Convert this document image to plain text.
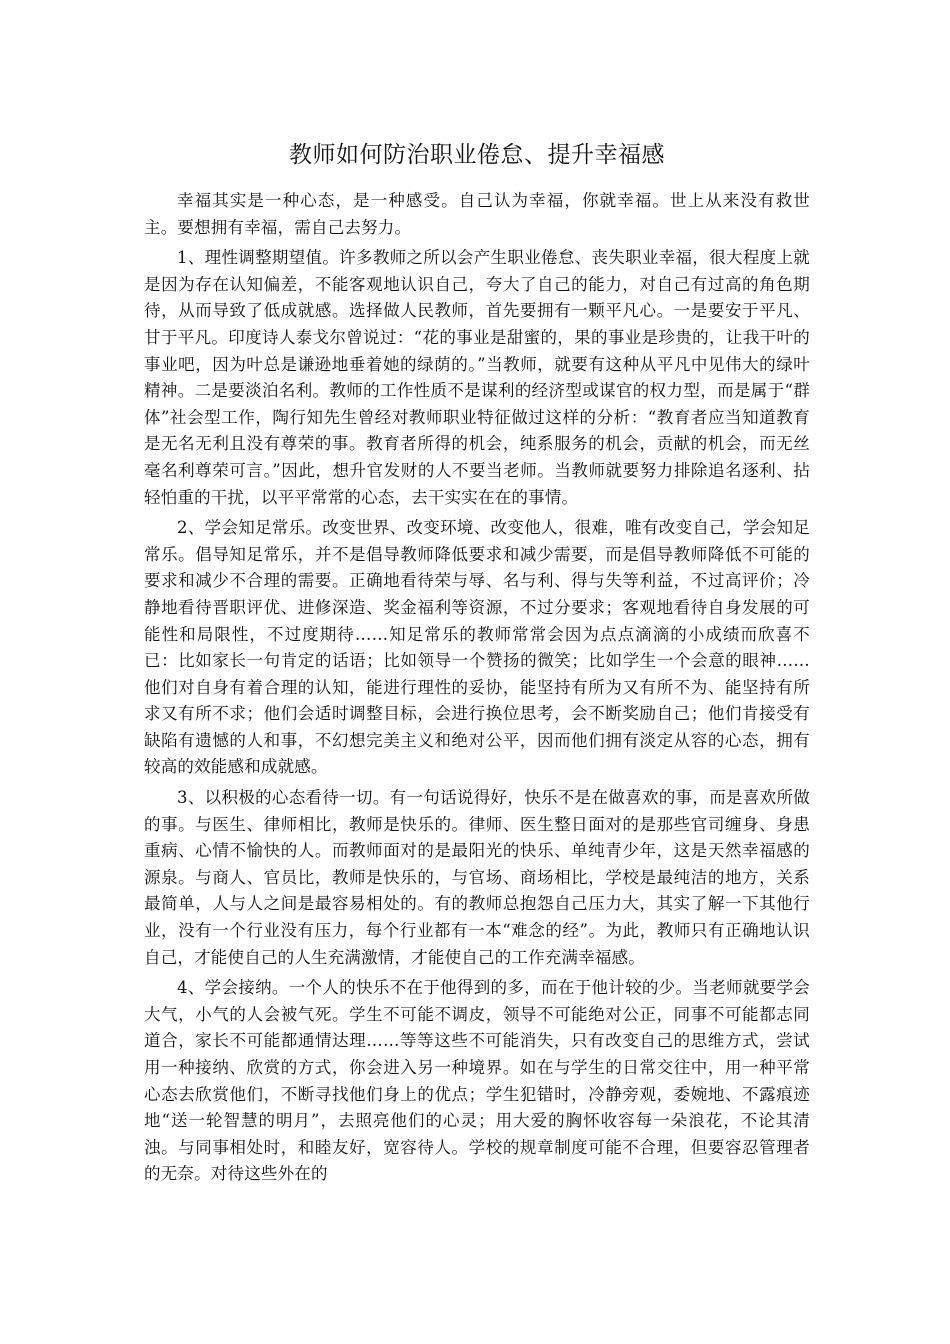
教师如何防治职业倦怠、提升幸福感

幸福其实是一种心态，是一种感受。自己认为幸福，你就幸福。世上从来没有救世主。要想拥有幸福，需自己去努力。

1、理性调整期望值。许多教师之所以会产生职业倦怠、丧失职业幸福，很大程度上就是因为存在认知偏差，不能客观地认识自己，夸大了自己的能力，对自己有过高的角色期待，从而导致了低成就感。选择做人民教师，首先要拥有一颗平凡心。一是要安于平凡、甘于平凡。印度诗人泰戈尔曾说过：“花的事业是甜蜜的，果的事业是珍贵的，让我干叶的事业吧，因为叶总是谦逊地垂着她的绿荫的。”当教师，就要有这种从平凡中见伟大的绿叶精神。二是要淡泊名利。教师的工作性质不是谋利的经济型或谋官的权力型，而是属于“群体”社会型工作，陶行知先生曾经对教师职业特征做过这样的分析：“教育者应当知道教育是无名无利且没有尊荣的事。教育者所得的机会，纯系服务的机会，贡献的机会，而无丝毫名利尊荣可言。”因此，想升官发财的人不要当老师。当教师就要努力排除追名逐利、拈轻怕重的干扰，以平平常常的心态，去干实实在在的事情。

2、学会知足常乐。改变世界、改变环境、改变他人，很难，唯有改变自己，学会知足常乐。倡导知足常乐，并不是倡导教师降低要求和减少需要，而是倡导教师降低不可能的要求和减少不合理的需要。正确地看待荣与辱、名与利、得与失等利益，不过高评价；冷静地看待晋职评优、进修深造、奖金福利等资源，不过分要求；客观地看待自身发展的可能性和局限性，不过度期待……知足常乐的教师常常会因为点点滴滴的小成绩而欣喜不已：比如家长一句肯定的话语；比如领导一个赞扬的微笑；比如学生一个会意的眼神……他们对自身有着合理的认知，能进行理性的妥协，能坚持有所为又有所不为、能坚持有所求又有所不求；他们会适时调整目标，会进行换位思考，会不断奖励自己；他们肯接受有缺陷有遗憾的人和事，不幻想完美主义和绝对公平，因而他们拥有淡定从容的心态，拥有较高的效能感和成就感。

3、以积极的心态看待一切。有一句话说得好，快乐不是在做喜欢的事，而是喜欢所做的事。与医生、律师相比，教师是快乐的。律师、医生整日面对的是那些官司缠身、身患重病、心情不愉快的人。而教师面对的是最阳光的快乐、单纯青少年，这是天然幸福感的源泉。与商人、官员比，教师是快乐的，与官场、商场相比，学校是最纯洁的地方，关系最简单，人与人之间是最容易相处的。有的教师总抱怨自己压力大，其实了解一下其他行业，没有一个行业没有压力，每个行业都有一本“难念的经”。为此，教师只有正确地认识自己，才能使自己的人生充满激情，才能使自己的工作充满幸福感。

4、学会接纳。一个人的快乐不在于他得到的多，而在于他计较的少。当老师就要学会大气，小气的人会被气死。学生不可能不调皮，领导不可能绝对公正，同事不可能都志同道合，家长不可能都通情达理……等等这些不可能消失，只有改变自己的思维方式，尝试用一种接纳、欣赏的方式，你会进入另一种境界。如在与学生的日常交往中，用一种平常心态去欣赏他们，不断寻找他们身上的优点；学生犯错时，冷静旁观，委婉地、不露痕迹地“送一轮智慧的明月”，去照亮他们的心灵；用大爱的胸怀收容每一朵浪花，不论其清浊。与同事相处时，和睦友好，宽容待人。学校的规章制度可能不合理，但要容忍管理者的无奈。对待这些外在的
